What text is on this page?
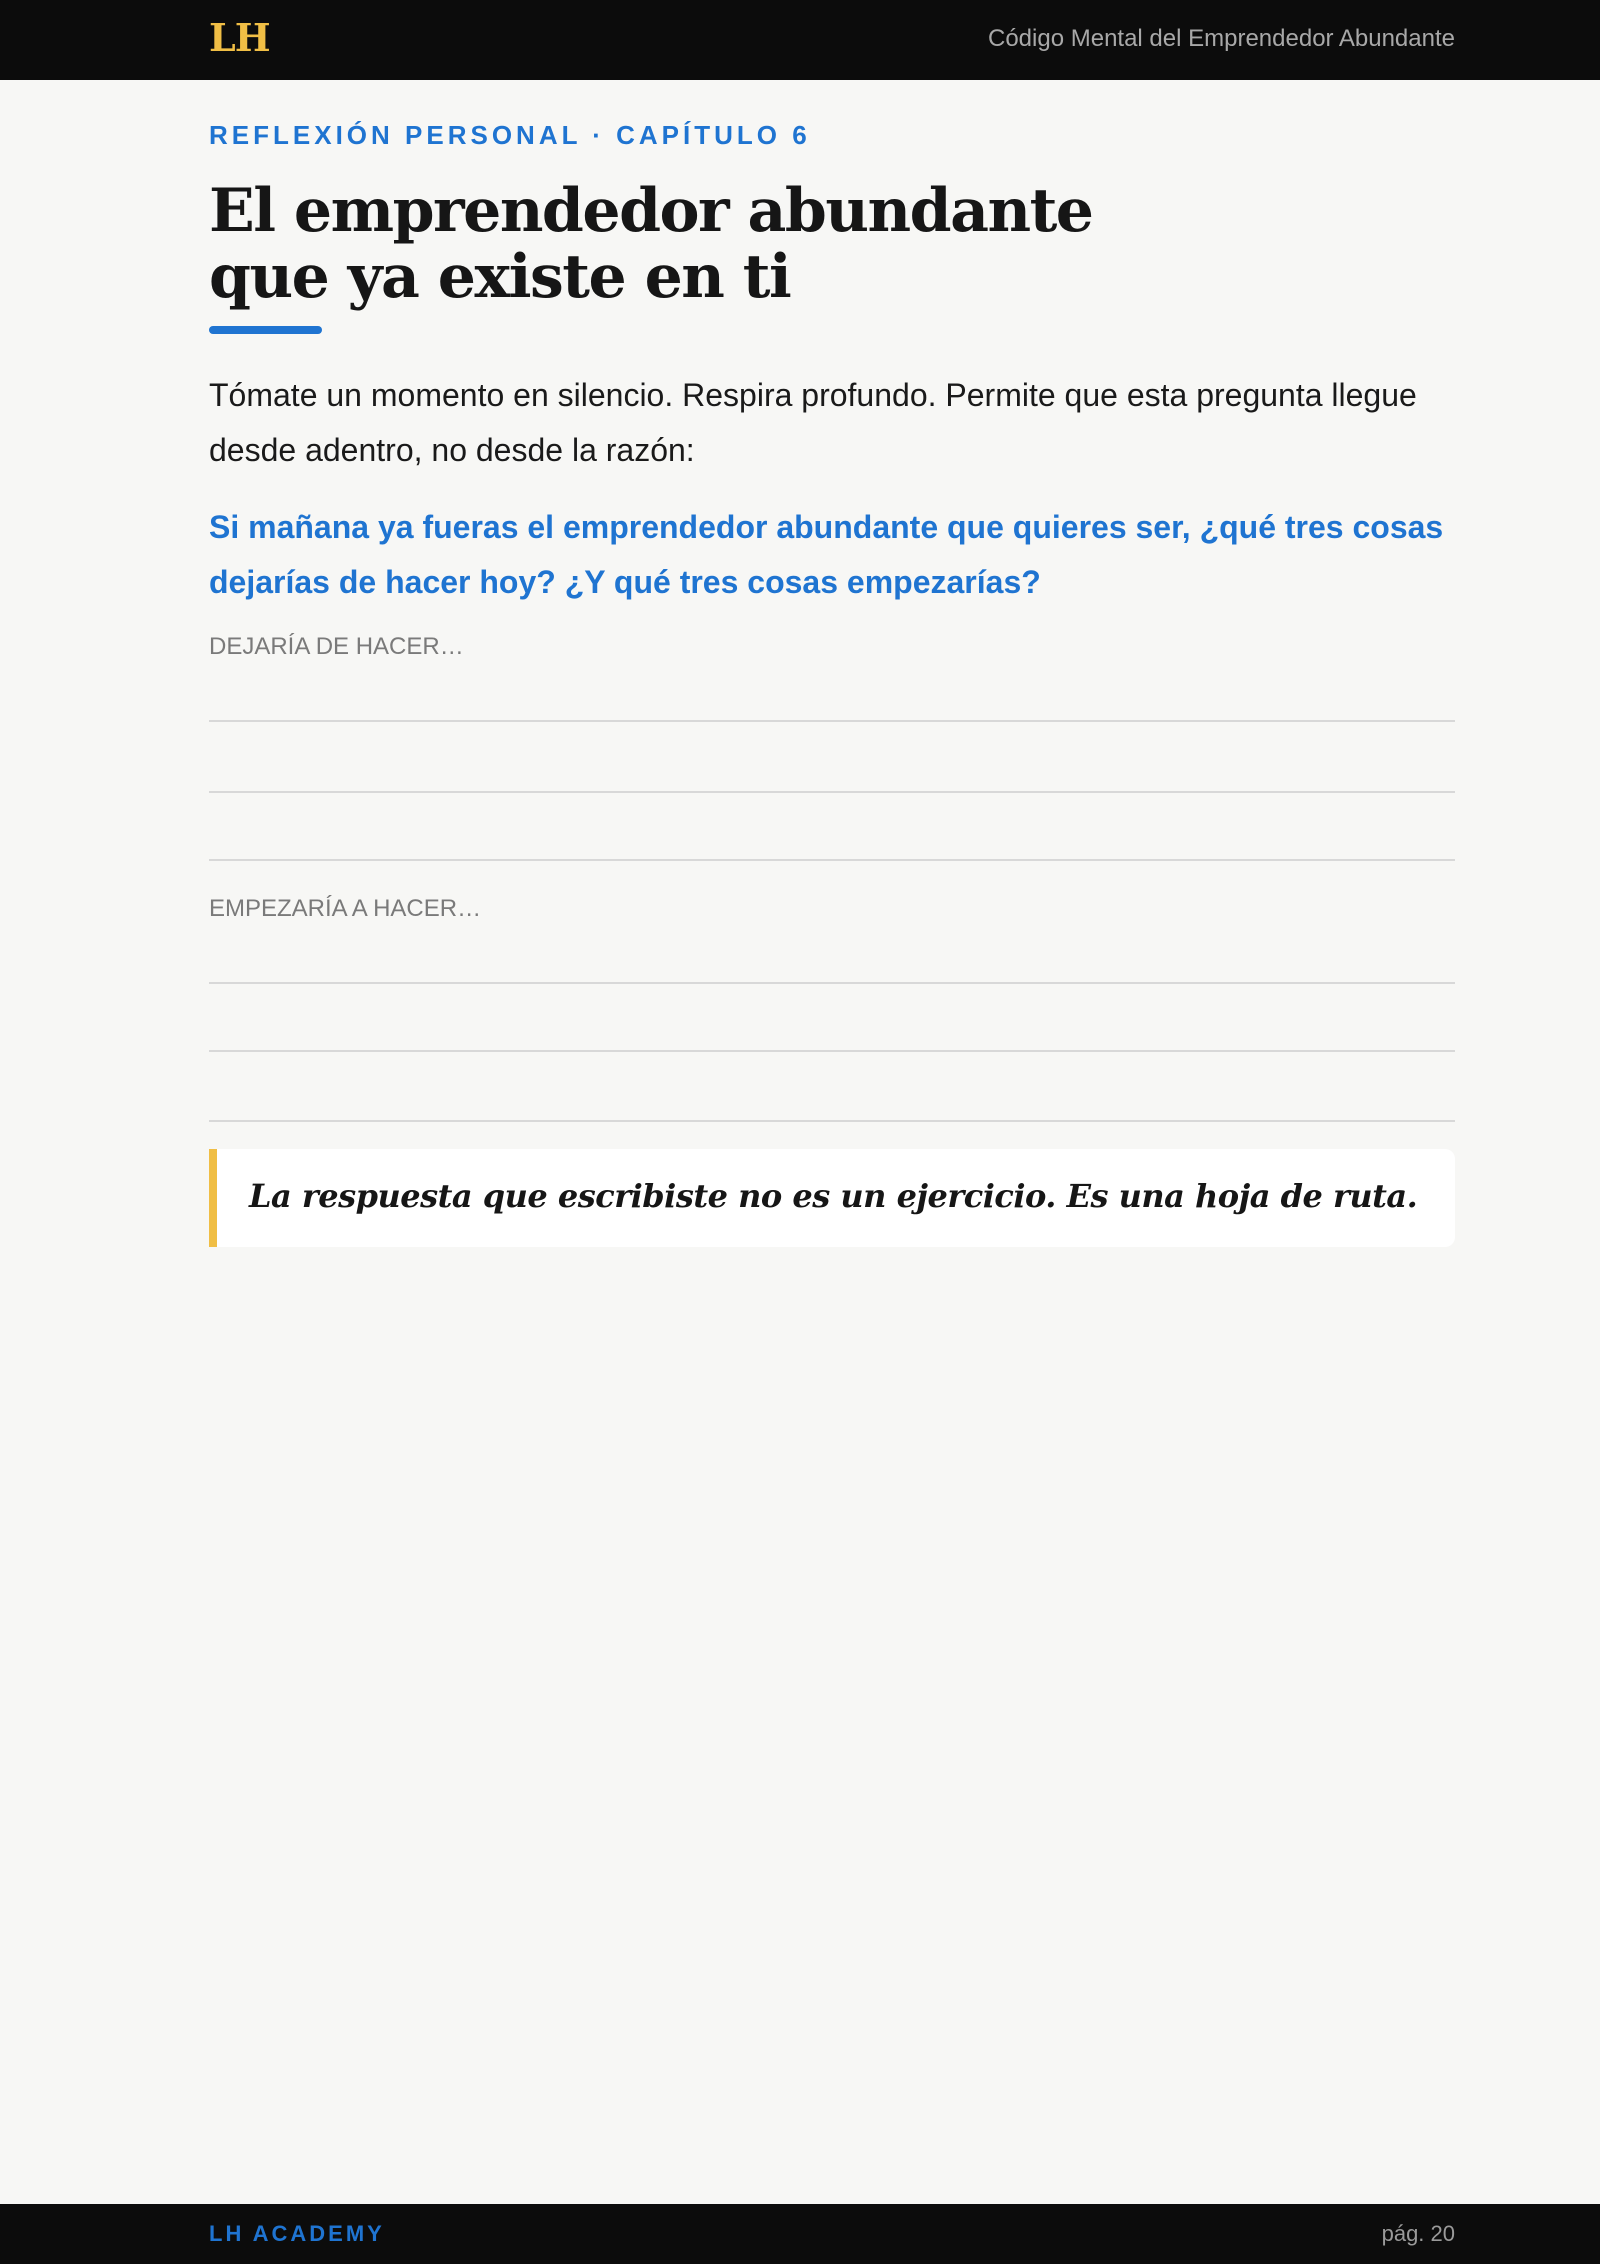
LH	Código Mental del Emprendedor Abundante
REFLEXIÓN PERSONAL · CAPÍTULO 6
El emprendedor abundante
que ya existe en ti

Tómate un momento en silencio. Respira profundo. Permite que esta pregunta llegue desde adentro, no desde la razón:

Si mañana ya fueras el emprendedor abundante que quieres ser, ¿qué tres cosas dejarías de hacer hoy? ¿Y qué tres cosas empezarías?

DEJARÍA DE HACER…
EMPEZARÍA A HACER…
La respuesta que escribiste no es un ejercicio. Es una hoja de ruta.
LH ACADEMY	pág. 20
